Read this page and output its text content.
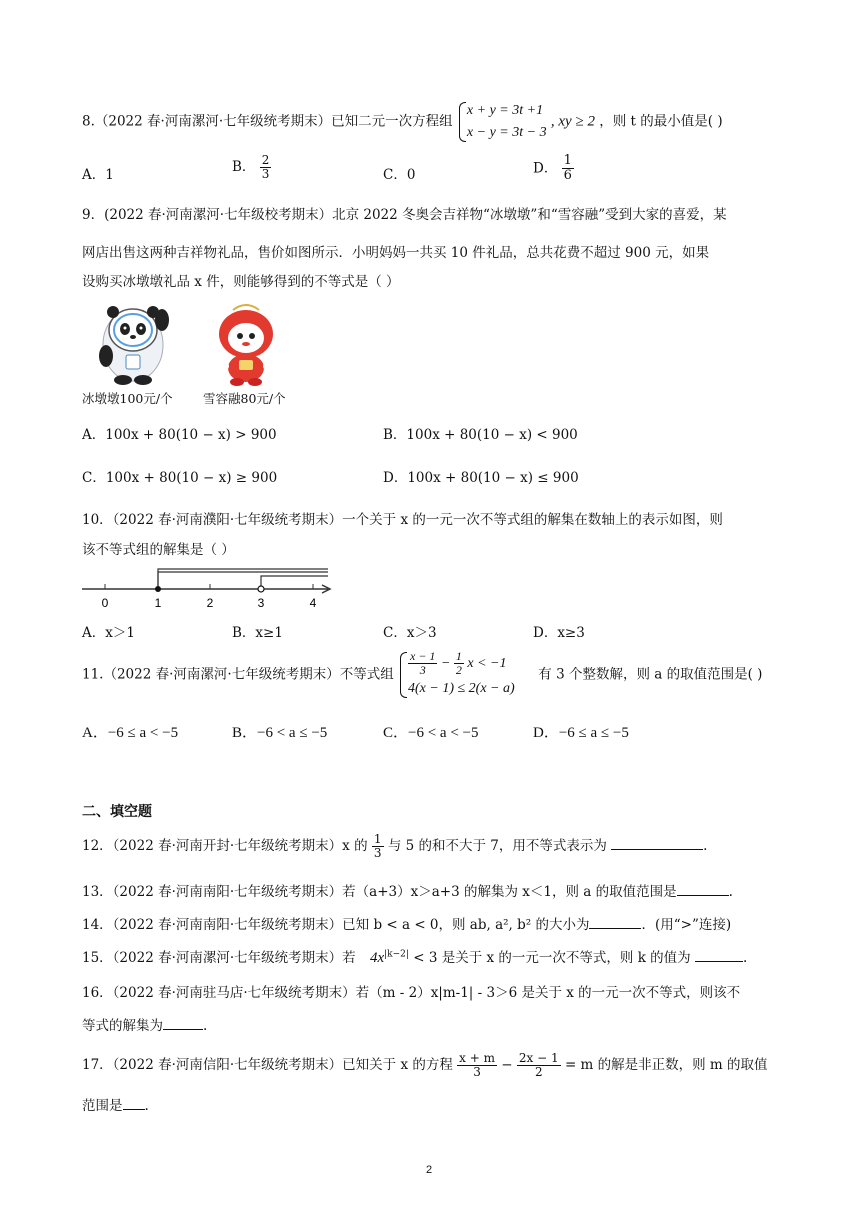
8.（2022 春·河南漯河·七年级统考期末）已知二元一次方程组
x + y = 3t +1
x − y = 3t − 3
, xy ≥ 2 ，则 t 的最小值是( )
A．1	B． $\frac{2}{3}$	C．0	D． $\frac{1}{6}$
9．(2022 春·河南漯河·七年级校考期末）北京 2022 冬奥会吉祥物“冰墩墩”和“雪容融”受到大家的喜爱，某
网店出售这两种吉祥物礼品，售价如图所示．小明妈妈一共买 10 件礼品，总共花费不超过 900 元，如果
设购买冰墩墩礼品 x 件，则能够得到的不等式是（ ）
冰墩墩100元/个 雪容融80元/个
A．100x + 80(10 − x) > 900	B．100x + 80(10 − x) < 900
C．100x + 80(10 − x) ≥ 900	D．100x + 80(10 − x) ≤ 900
10．（2022 春·河南濮阳·七年级统考期末）一个关于 x 的一元一次不等式组的解集在数轴上的表示如图，则
该不等式组的解集是（ ）
0	1	2	3	4
A．x＞1	B．x≥1	C．x＞3	D．x≥3
11.（2022 春·河南漯河·七年级统考期末）不等式组 $\frac{x - 1}{3} - \frac{1}{2}$ x < −1
4(x − 1) ≤ 2(x − a)
有 3 个整数解，则 a 的取值范围是( )
A．−6 ≤ a < −5	B．−6 < a ≤ −5	C．−6 < a < −5	D．−6 ≤ a ≤ −5
二、填空题
12．（2022 春·河南开封·七年级统考期末）x 的 $\frac{1}{3}$ 与 5 的和不大于 7，用不等式表示为	.
13．（2022 春·河南南阳·七年级统考期末）若（a+3）x＞a+3 的解集为 x＜1，则 a 的取值范围是	.
14．（2022 春·河南南阳·七年级统考期末）已知 b < a < 0，则 ab, a², b² 的大小为	．(用“>”连接)
15．（2022 春·河南漯河·七年级统考期末）若 $4x^{|k-2|} < 3$ 是关于 x 的一元一次不等式，则 k 的值为	.
16．（2022 春·河南驻马店·七年级统考期末）若（m - 2）x|m-1| - 3＞6 是关于 x 的一元一次不等式，则该不
等式的解集为	.
17．（2022 春·河南信阳·七年级统考期末）已知关于 x 的方程 $\frac{x + m}{3} - \frac{2x - 1}{2} = m$ 的解是非正数，则 m 的取值
范围是 .
2
